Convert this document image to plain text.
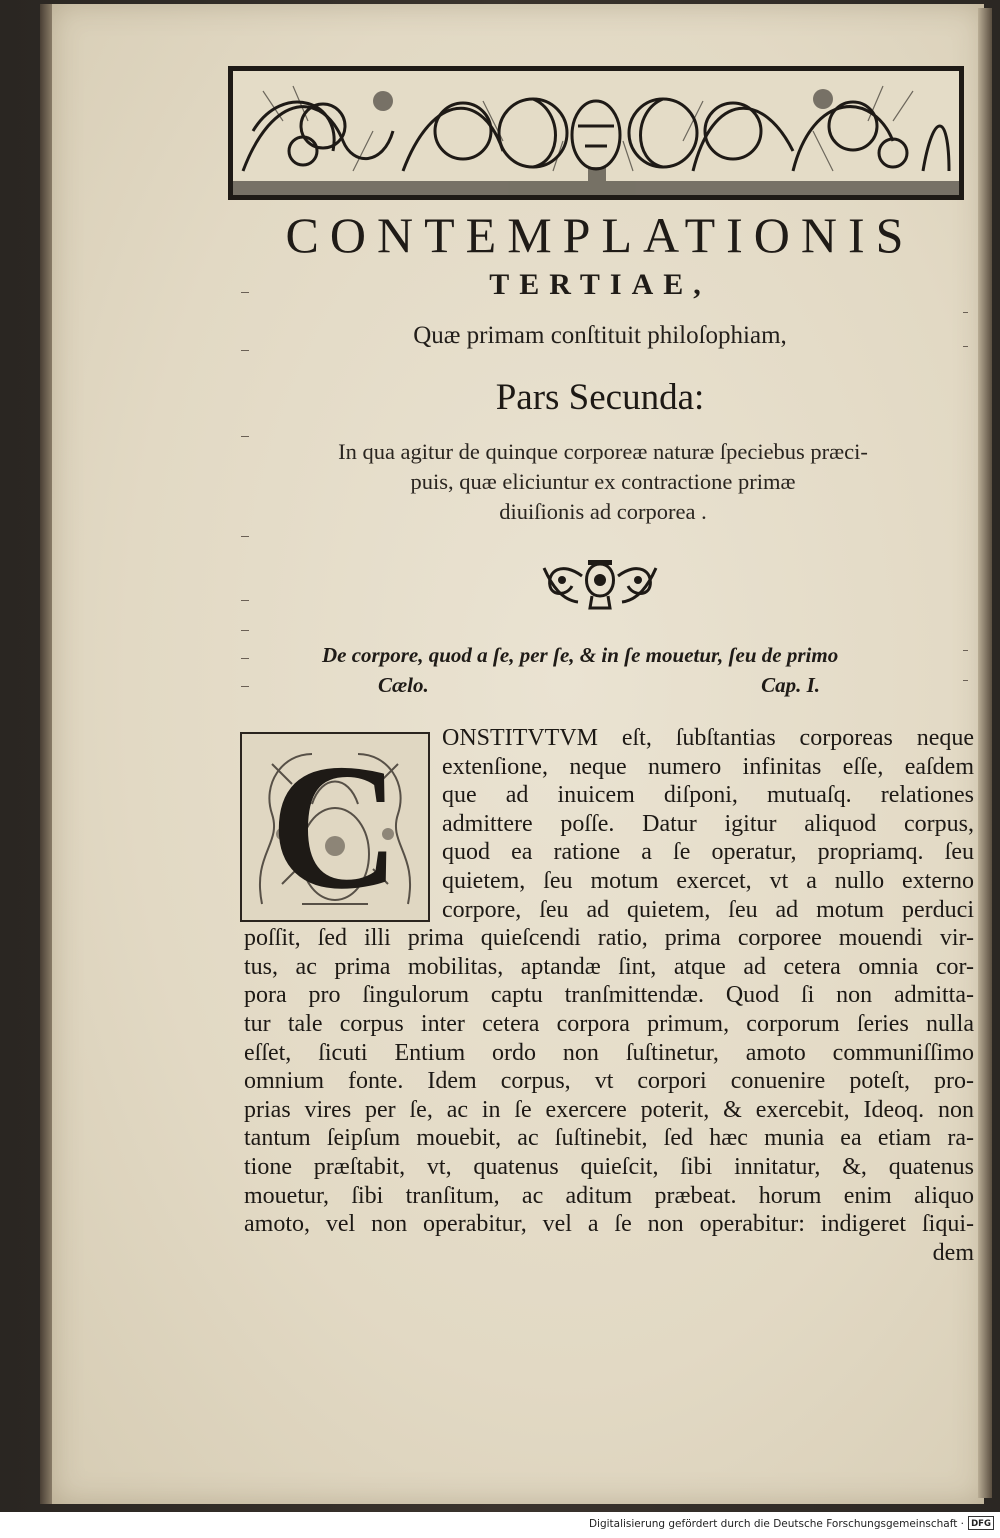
CONTEMPLATIONIS
TERTIAE,
Quæ primam conſtituit philoſophiam,
Pars Secunda:
In qua agitur de quinque corporeæ naturæ ſpeciebus præci-
puis, quæ eliciuntur ex contractione primæ
diuiſionis ad corporea .
De corpore, quod a ſe, per ſe, & in ſe mouetur, ſeu de primo
Cælo.	Cap. I.
C	ONSTITVTVM eſt, ſubſtantias corporeas neque
extenſione, neque numero infinitas eſſe, eaſdem
que ad inuicem diſponi, mutuaſq. relationes
admittere poſſe. Datur igitur aliquod corpus,
quod ea ratione a ſe operatur, propriamq. ſeu
quietem, ſeu motum exercet, vt a nullo externo
corpore, ſeu ad quietem, ſeu ad motum perduci
poſſit, ſed illi prima quieſcendi ratio, prima corporee mouendi vir-
tus, ac prima mobilitas, aptandæ ſint, atque ad cetera omnia cor-
pora pro ſingulorum captu tranſmittendæ. Quod ſi non admitta-
tur tale corpus inter cetera corpora primum, corporum ſeries nulla
eſſet, ſicuti Entium ordo non ſuſtinetur, amoto communiſſimo
omnium fonte. Idem corpus, vt corpori conuenire poteſt, pro-
prias vires per ſe, ac in ſe exercere poterit, & exercebit, Ideoq. non
tantum ſeipſum mouebit, ac ſuſtinebit, ſed hæc munia ea etiam ra-
tione præſtabit, vt, quatenus quieſcit, ſibi innitatur, &, quatenus
mouetur, ſibi tranſitum, ac aditum præbeat. horum enim aliquo
amoto, vel non operabitur, vel a ſe non operabitur: indigeret ſiqui-
dem
Digitalisierung gefördert durch die Deutsche Forschungsgemeinschaft · DFG
